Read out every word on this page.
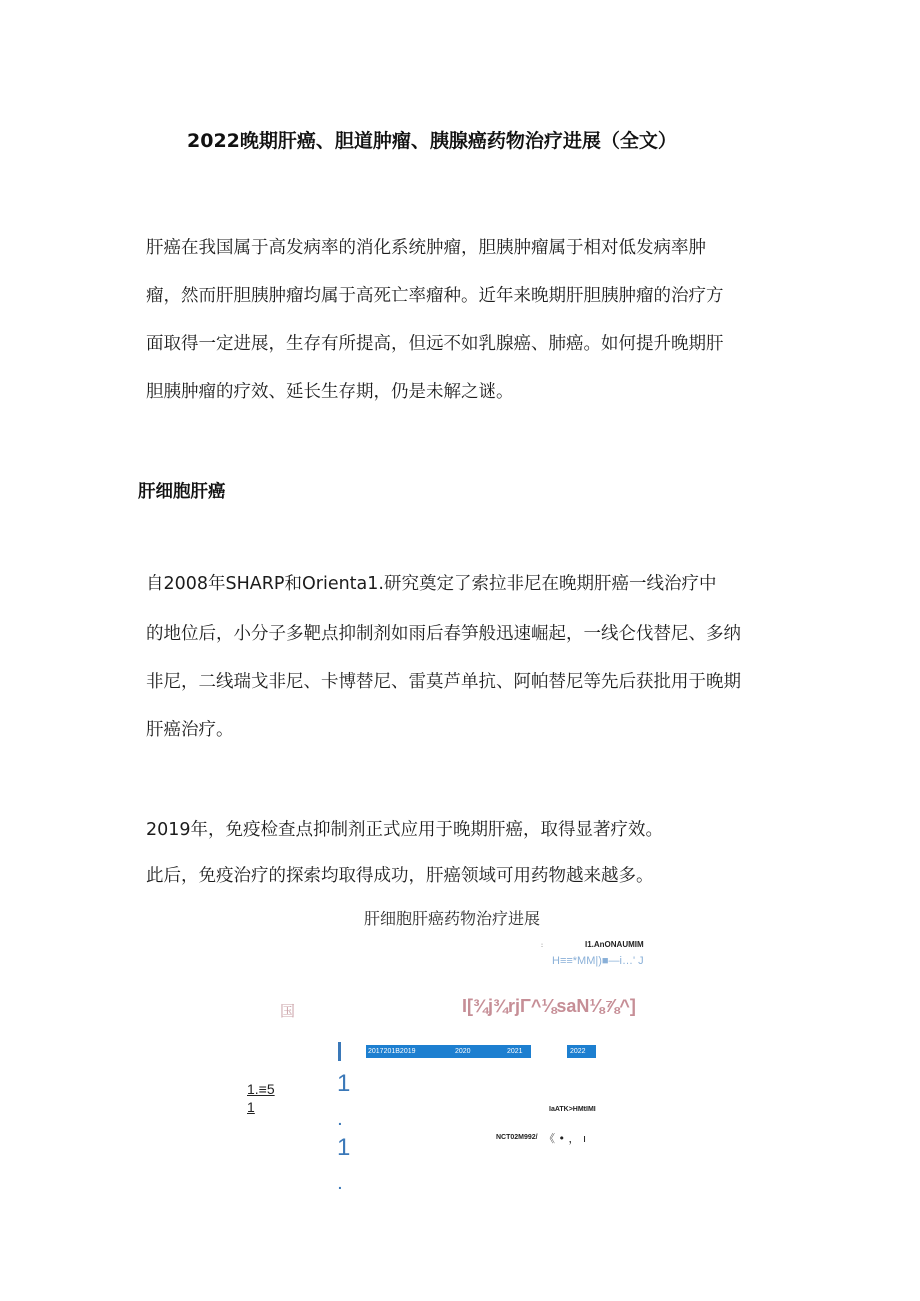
2022晚期肝癌、胆道肿瘤、胰腺癌药物治疗进展（全文）
肝癌在我国属于高发病率的消化系统肿瘤，胆胰肿瘤属于相对低发病率肿
瘤，然而肝胆胰肿瘤均属于高死亡率瘤种。近年来晚期肝胆胰肿瘤的治疗方
面取得一定进展，生存有所提高，但远不如乳腺癌、肺癌。如何提升晚期肝
胆胰肿瘤的疗效、延长生存期，仍是未解之谜。
肝细胞肝癌
自2008年SHARP和Orienta1.研究奠定了索拉非尼在晚期肝癌一线治疗中
的地位后，小分子多靶点抑制剂如雨后春笋般迅速崛起，一线仑伐替尼、多纳
非尼，二线瑞戈非尼、卡博替尼、雷莫芦单抗、阿帕替尼等先后获批用于晚期
肝癌治疗。
2019年，免疫检查点抑制剂正式应用于晚期肝癌，取得显著疗效。
此后，免疫治疗的探索均取得成功，肝癌领域可用药物越来越多。
肝细胞肝癌药物治疗进展
:	I1.AnONAUMIM
H≡≡*MM|)■—i…' J
国	I[¾j¾rjΓ^⅛saN⅛⅞^]
2017201B2019	2020	2021	2022
1
.
1
.
1.≡5
1	IaATK>HMtIMI
NCT02M992/ 《 • ， ı
